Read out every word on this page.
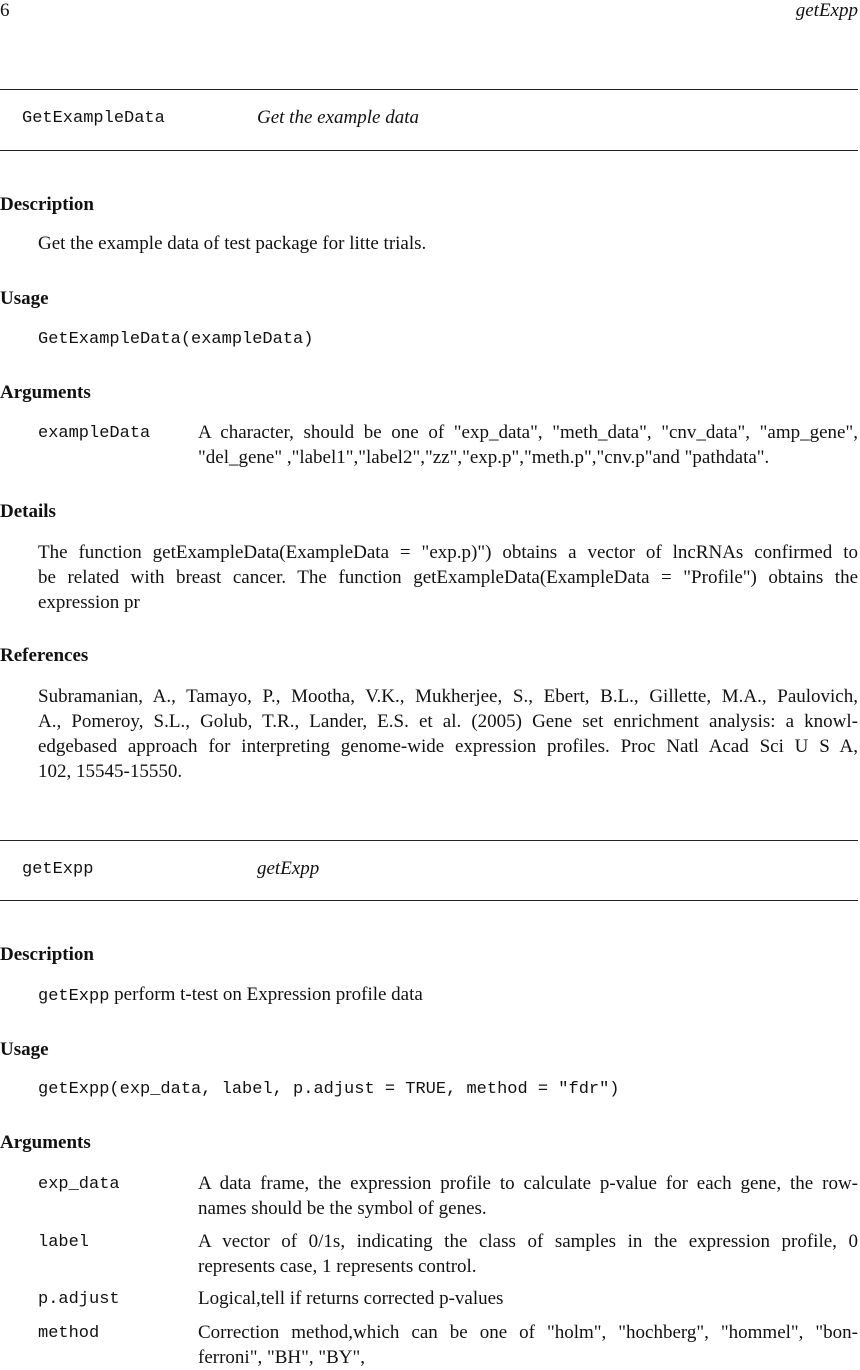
6	getExpp
GetExampleData	Get the example data
Description
Get the example data of test package for litte trials.
Usage
GetExampleData(exampleData)
Arguments
exampleData	A character, should be one of "exp_data", "meth_data", "cnv_data", "amp_gene",
"del_gene" ,"label1","label2","zz","exp.p","meth.p","cnv.p"and "pathdata".
Details
The function getExampleData(ExampleData = "exp.p)") obtains a vector of lncRNAs confirmed to
be related with breast cancer. The function getExampleData(ExampleData = "Profile") obtains the
expression pr
References
Subramanian, A., Tamayo, P., Mootha, V.K., Mukherjee, S., Ebert, B.L., Gillette, M.A., Paulovich,
A., Pomeroy, S.L., Golub, T.R., Lander, E.S. et al. (2005) Gene set enrichment analysis: a knowl-
edgebased approach for interpreting genome-wide expression profiles. Proc Natl Acad Sci U S A,
102, 15545-15550.
getExpp	getExpp
Description
getExpp perform t-test on Expression profile data
Usage
getExpp(exp_data, label, p.adjust = TRUE, method = "fdr")
Arguments
exp_data	A data frame, the expression profile to calculate p-value for each gene, the row-
names should be the symbol of genes.
label	A vector of 0/1s, indicating the class of samples in the expression profile, 0
represents case, 1 represents control.
p.adjust	Logical,tell if returns corrected p-values
method	Correction method,which can be one of "holm", "hochberg", "hommel", "bon-
ferroni", "BH", "BY",
